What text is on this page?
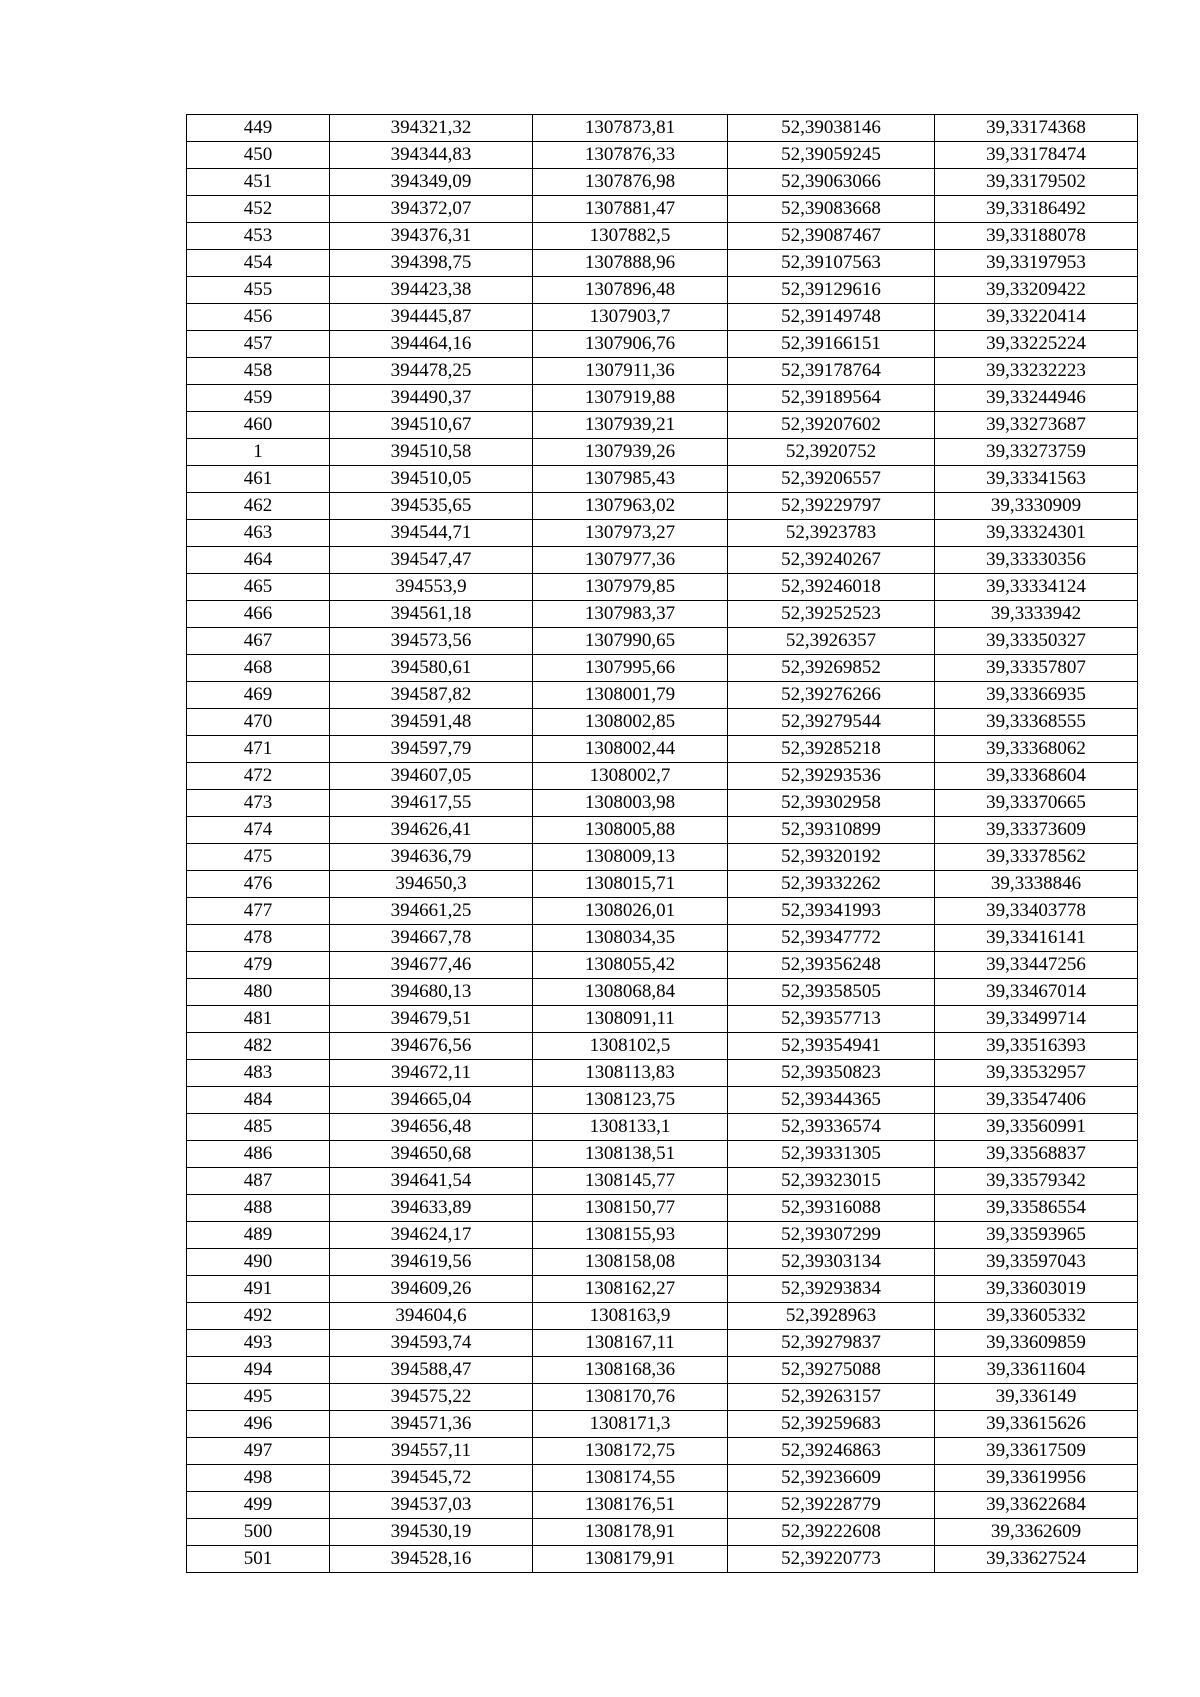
449	394321,32	1307873,81	52,39038146	39,33174368
450	394344,83	1307876,33	52,39059245	39,33178474
451	394349,09	1307876,98	52,39063066	39,33179502
452	394372,07	1307881,47	52,39083668	39,33186492
453	394376,31	1307882,5	52,39087467	39,33188078
454	394398,75	1307888,96	52,39107563	39,33197953
455	394423,38	1307896,48	52,39129616	39,33209422
456	394445,87	1307903,7	52,39149748	39,33220414
457	394464,16	1307906,76	52,39166151	39,33225224
458	394478,25	1307911,36	52,39178764	39,33232223
459	394490,37	1307919,88	52,39189564	39,33244946
460	394510,67	1307939,21	52,39207602	39,33273687
1	394510,58	1307939,26	52,3920752	39,33273759
461	394510,05	1307985,43	52,39206557	39,33341563
462	394535,65	1307963,02	52,39229797	39,3330909
463	394544,71	1307973,27	52,3923783	39,33324301
464	394547,47	1307977,36	52,39240267	39,33330356
465	394553,9	1307979,85	52,39246018	39,33334124
466	394561,18	1307983,37	52,39252523	39,3333942
467	394573,56	1307990,65	52,3926357	39,33350327
468	394580,61	1307995,66	52,39269852	39,33357807
469	394587,82	1308001,79	52,39276266	39,33366935
470	394591,48	1308002,85	52,39279544	39,33368555
471	394597,79	1308002,44	52,39285218	39,33368062
472	394607,05	1308002,7	52,39293536	39,33368604
473	394617,55	1308003,98	52,39302958	39,33370665
474	394626,41	1308005,88	52,39310899	39,33373609
475	394636,79	1308009,13	52,39320192	39,33378562
476	394650,3	1308015,71	52,39332262	39,3338846
477	394661,25	1308026,01	52,39341993	39,33403778
478	394667,78	1308034,35	52,39347772	39,33416141
479	394677,46	1308055,42	52,39356248	39,33447256
480	394680,13	1308068,84	52,39358505	39,33467014
481	394679,51	1308091,11	52,39357713	39,33499714
482	394676,56	1308102,5	52,39354941	39,33516393
483	394672,11	1308113,83	52,39350823	39,33532957
484	394665,04	1308123,75	52,39344365	39,33547406
485	394656,48	1308133,1	52,39336574	39,33560991
486	394650,68	1308138,51	52,39331305	39,33568837
487	394641,54	1308145,77	52,39323015	39,33579342
488	394633,89	1308150,77	52,39316088	39,33586554
489	394624,17	1308155,93	52,39307299	39,33593965
490	394619,56	1308158,08	52,39303134	39,33597043
491	394609,26	1308162,27	52,39293834	39,33603019
492	394604,6	1308163,9	52,3928963	39,33605332
493	394593,74	1308167,11	52,39279837	39,33609859
494	394588,47	1308168,36	52,39275088	39,33611604
495	394575,22	1308170,76	52,39263157	39,336149
496	394571,36	1308171,3	52,39259683	39,33615626
497	394557,11	1308172,75	52,39246863	39,33617509
498	394545,72	1308174,55	52,39236609	39,33619956
499	394537,03	1308176,51	52,39228779	39,33622684
500	394530,19	1308178,91	52,39222608	39,3362609
501	394528,16	1308179,91	52,39220773	39,33627524
